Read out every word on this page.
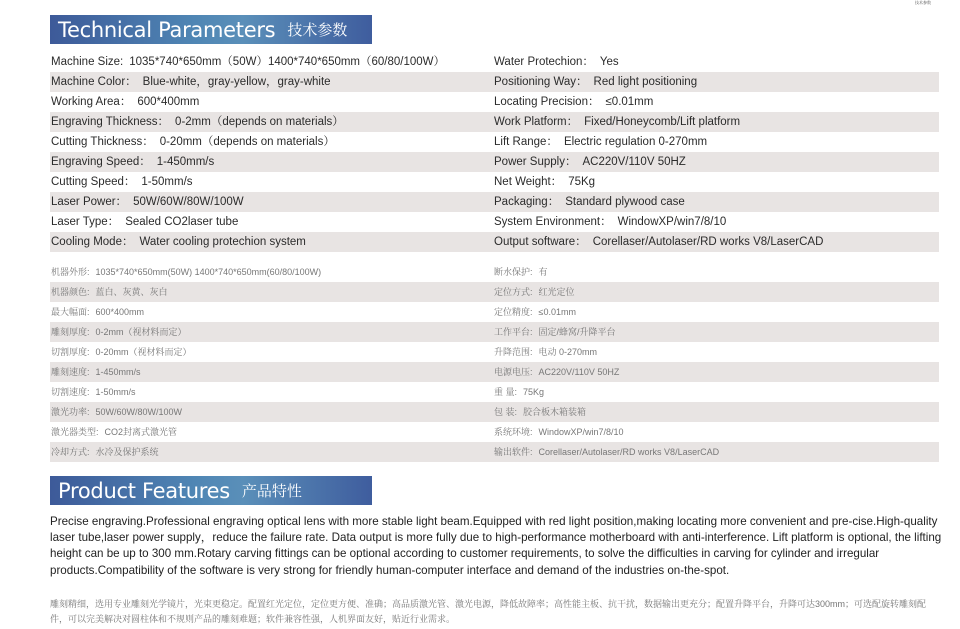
技术参数
Technical Parameters 技术参数
Machine Size: 1035*740*650mm（50W）1400*740*650mm（60/80/100W）	Water Protechion： Yes
Machine Color： Blue-white，gray-yellow，gray-white	Positioning Way： Red light positioning
Working Area： 600*400mm	Locating Precision： ≤0.01mm
Engraving Thickness： 0-2mm（depends on materials）	Work Platform： Fixed/Honeycomb/Lift platform
Cutting Thickness： 0-20mm（depends on materials）	Lift Range： Electric regulation 0-270mm
Engraving Speed： 1-450mm/s	Power Supply： AC220V/110V 50HZ
Cutting Speed： 1-50mm/s	Net Weight： 75Kg
Laser Power： 50W/60W/80W/100W	Packaging： Standard plywood case
Laser Type： Sealed CO2laser tube	System Environment： WindowXP/win7/8/10
Cooling Mode： Water cooling protechion system	Output software： Corellaser/Autolaser/RD works V8/LaserCAD
机器外形: 1035*740*650mm(50W) 1400*740*650mm(60/80/100W)	断水保护: 有
机器颜色: 蓝白、灰黄、灰白	定位方式: 红光定位
最大幅面: 600*400mm	定位精度: ≤0.01mm
雕刻厚度: 0-2mm（视材料而定）	工作平台: 固定/蜂窝/升降平台
切割厚度: 0-20mm（视材料而定）	升降范围: 电动 0-270mm
雕刻速度: 1-450mm/s	电源电压: AC220V/110V 50HZ
切割速度: 1-50mm/s	重 量: 75Kg
激光功率: 50W/60W/80W/100W	包 装: 胶合板木箱装箱
激光器类型: CO2封离式激光管	系统环境: WindowXP/win7/8/10
冷却方式: 水冷及保护系统	输出软件: Corellaser/Autolaser/RD works V8/LaserCAD
Product Features 产品特性
Precise engraving.Professional engraving optical lens with more stable light beam.Equipped with red light position,making locating more convenient and pre-cise.High-quality laser tube,laser power supply，reduce the failure rate. Data output is more fully due to high-performance motherboard with anti-interference. Lift platform is optional, the lifting height can be up to 300 mm.Rotary carving fittings can be optional according to customer requirements, to solve the difficulties in carving for cylinder and irregular products.Compatibility of the software is very strong for friendly human-computer interface and demand of the industries on-the-spot.
雕刻精细，选用专业雕刻光学镜片，光束更稳定。配置红光定位，定位更方便、准确；高品质激光管、激光电源，降低故障率；高性能主板、抗干扰，数据输出更充分；配置升降平台，升降可达300mm；可选配旋转雕刻配件，可以完美解决对圆柱体和不规则产品的雕刻难题；软件兼容性强，人机界面友好，贴近行业需求。
